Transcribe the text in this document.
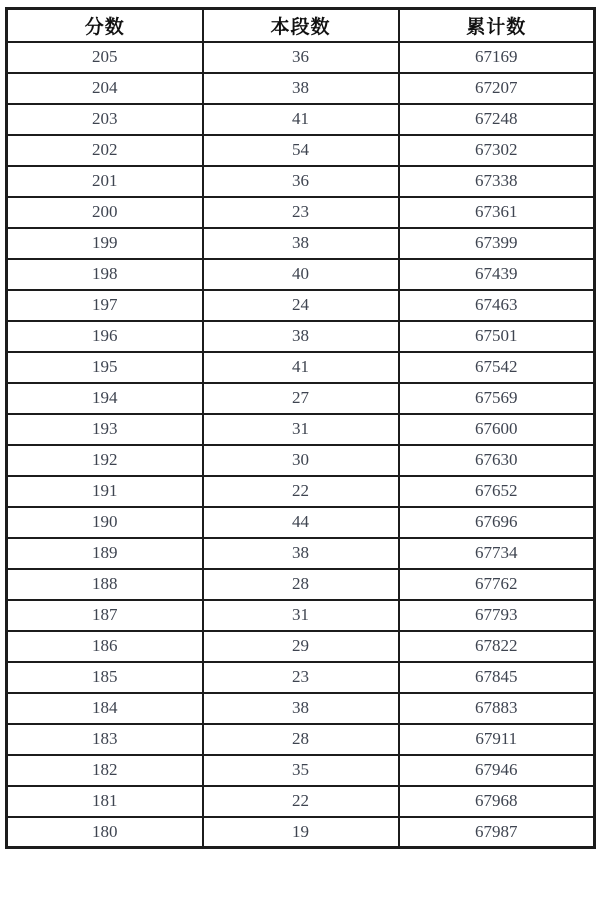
分数	本段数	累计数
205	36	67169
204	38	67207
203	41	67248
202	54	67302
201	36	67338
200	23	67361
199	38	67399
198	40	67439
197	24	67463
196	38	67501
195	41	67542
194	27	67569
193	31	67600
192	30	67630
191	22	67652
190	44	67696
189	38	67734
188	28	67762
187	31	67793
186	29	67822
185	23	67845
184	38	67883
183	28	67911
182	35	67946
181	22	67968
180	19	67987
